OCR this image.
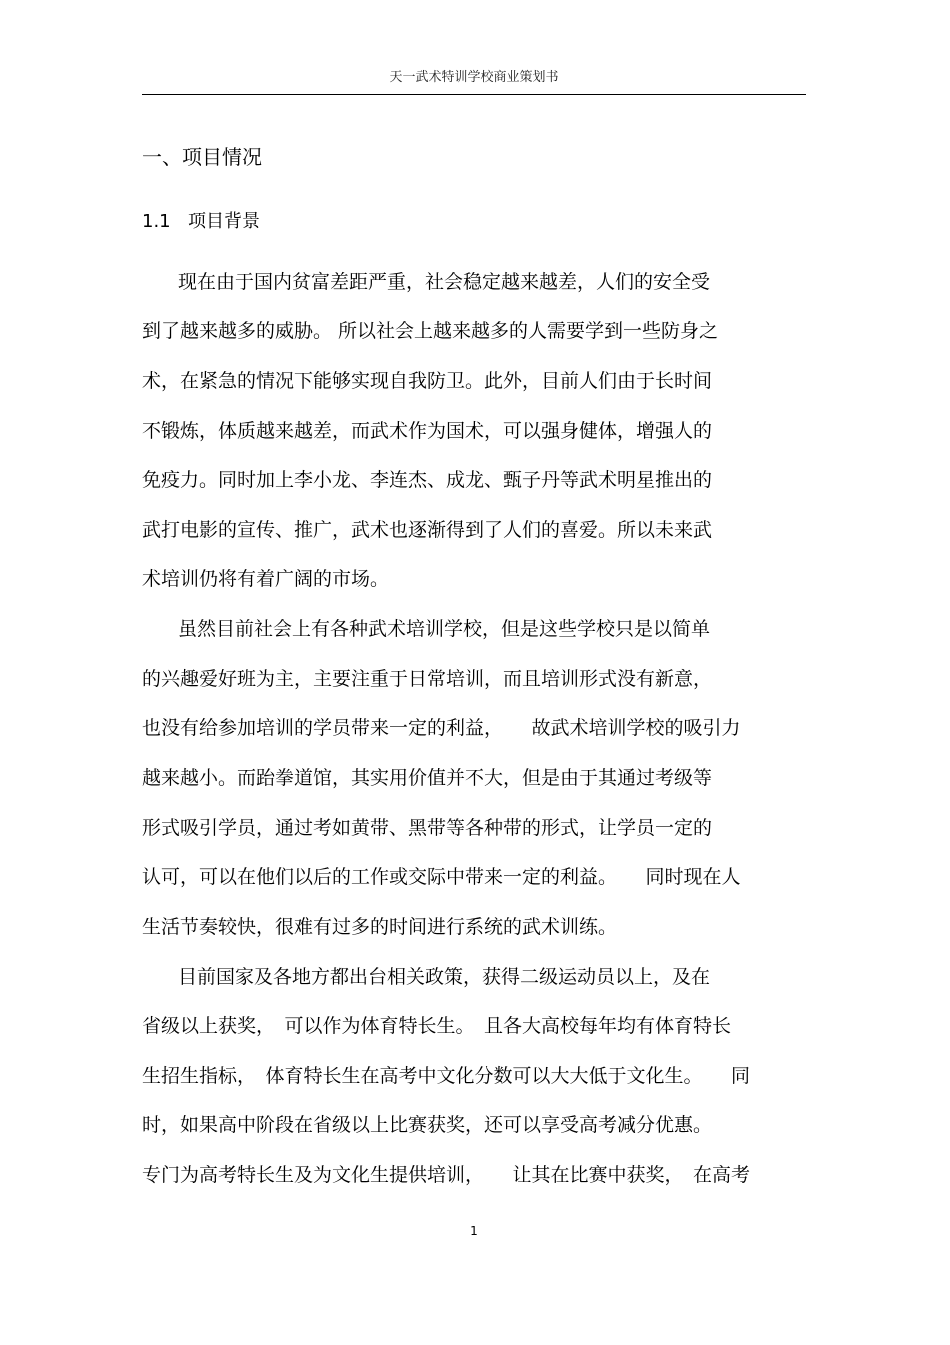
天一武术特训学校商业策划书
一、项目情况
1.1 项目背景
现在由于国内贫富差距严重，社会稳定越来越差，人们的安全受
到了越来越多的威胁。 所以社会上越来越多的人需要学到一些防身之
术，在紧急的情况下能够实现自我防卫。此外，目前人们由于长时间
不锻炼，体质越来越差，而武术作为国术，可以强身健体，增强人的
免疫力。同时加上李小龙、李连杰、成龙、甄子丹等武术明星推出的
武打电影的宣传、推广，武术也逐渐得到了人们的喜爱。所以未来武
术培训仍将有着广阔的市场。
虽然目前社会上有各种武术培训学校，但是这些学校只是以简单
的兴趣爱好班为主，主要注重于日常培训，而且培训形式没有新意，
也没有给参加培训的学员带来一定的利益，　　故武术培训学校的吸引力
越来越小。而跆拳道馆，其实用价值并不大，但是由于其通过考级等
形式吸引学员，通过考如黄带、黑带等各种带的形式，让学员一定的
认可，可以在他们以后的工作或交际中带来一定的利益。　　同时现在人
生活节奏较快，很难有过多的时间进行系统的武术训练。
目前国家及各地方都出台相关政策，获得二级运动员以上，及在
省级以上获奖，　可以作为体育特长生。　且各大高校每年均有体育特长
生招生指标，　体育特长生在高考中文化分数可以大大低于文化生。　　同
时，如果高中阶段在省级以上比赛获奖，还可以享受高考减分优惠。
专门为高考特长生及为文化生提供培训，　　让其在比赛中获奖，　在高考
1
